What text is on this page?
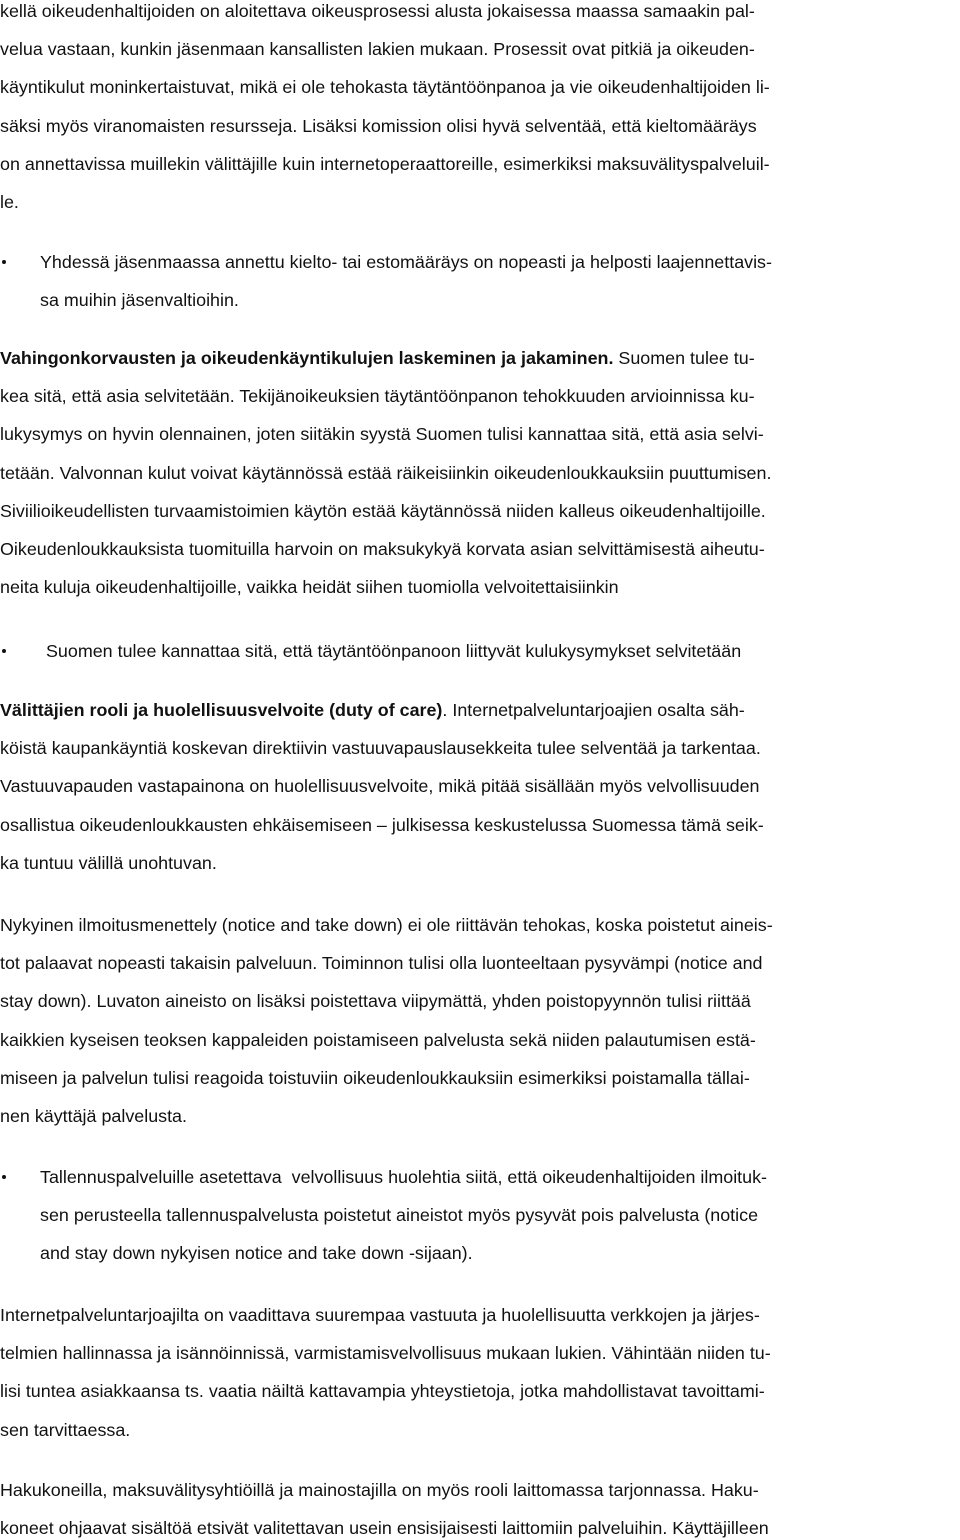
kellä oikeudenhaltijoiden on aloitettava oikeusprosessi alusta jokaisessa maassa samaakin pal-
velua vastaan, kunkin jäsenmaan kansallisten lakien mukaan. Prosessit ovat pitkiä ja oikeuden-
käyntikulut moninkertaistuvat, mikä ei ole tehokasta täytäntöönpanoa ja vie oikeudenhaltijoiden li-
säksi myös viranomaisten resursseja. Lisäksi komission olisi hyvä selventää, että kieltomääräys
on annettavissa muillekin välittäjille kuin internetoperaattoreille, esimerkiksi maksuvälityspalveluil-
le.
Yhdessä jäsenmaassa annettu kielto- tai estomääräys on nopeasti ja helposti laajennettavis-
sa muihin jäsenvaltioihin.
Vahingonkorvausten ja oikeudenkäyntikulujen laskeminen ja jakaminen. Suomen tulee tu-
kea sitä, että asia selvitetään. Tekijänoikeuksien täytäntöönpanon tehokkuuden arvioinnissa ku-
lukysymys on hyvin olennainen, joten siitäkin syystä Suomen tulisi kannattaa sitä, että asia selvi-
tetään. Valvonnan kulut voivat käytännössä estää räikeisiinkin oikeudenloukkauksiin puuttumisen.
Siviilioikeudellisten turvaamistoimien käytön estää käytännössä niiden kalleus oikeudenhaltijoille.
Oikeudenloukkauksista tuomituilla harvoin on maksukykyä korvata asian selvittämisestä aiheutu-
neita kuluja oikeudenhaltijoille, vaikka heidät siihen tuomiolla velvoitettaisiinkin
Suomen tulee kannattaa sitä, että täytäntöönpanoon liittyvät kulukysymykset selvitetään
Välittäjien rooli ja huolellisuusvelvoite (duty of care). Internetpalveluntarjoajien osalta säh-
köistä kaupankäyntiä koskevan direktiivin vastuuvapauslausekkeita tulee selventää ja tarkentaa.
Vastuuvapauden vastapainona on huolellisuusvelvoite, mikä pitää sisällään myös velvollisuuden
osallistua oikeudenloukkausten ehkäisemiseen – julkisessa keskustelussa Suomessa tämä seik-
ka tuntuu välillä unohtuvan.
Nykyinen ilmoitusmenettely (notice and take down) ei ole riittävän tehokas, koska poistetut aineis-
tot palaavat nopeasti takaisin palveluun. Toiminnon tulisi olla luonteeltaan pysyvämpi (notice and
stay down). Luvaton aineisto on lisäksi poistettava viipymättä, yhden poistopyynnön tulisi riittää
kaikkien kyseisen teoksen kappaleiden poistamiseen palvelusta sekä niiden palautumisen estä-
miseen ja palvelun tulisi reagoida toistuviin oikeudenloukkauksiin esimerkiksi poistamalla tällai-
nen käyttäjä palvelusta.
Tallennuspalveluille asetettava  velvollisuus huolehtia siitä, että oikeudenhaltijoiden ilmoituk-
sen perusteella tallennuspalvelusta poistetut aineistot myös pysyvät pois palvelusta (notice
and stay down nykyisen notice and take down -sijaan).
Internetpalveluntarjoajilta on vaadittava suurempaa vastuuta ja huolellisuutta verkkojen ja järjes-
telmien hallinnassa ja isännöinnissä, varmistamisvelvollisuus mukaan lukien. Vähintään niiden tu-
lisi tuntea asiakkaansa ts. vaatia näiltä kattavampia yhteystietoja, jotka mahdollistavat tavoittami-
sen tarvittaessa.
Hakukoneilla, maksuvälitysyhtiöillä ja mainostajilla on myös rooli laittomassa tarjonnassa. Haku-
koneet ohjaavat sisältöä etsivät valitettavan usein ensisijaisesti laittomiin palveluihin. Käyttäjilleen
